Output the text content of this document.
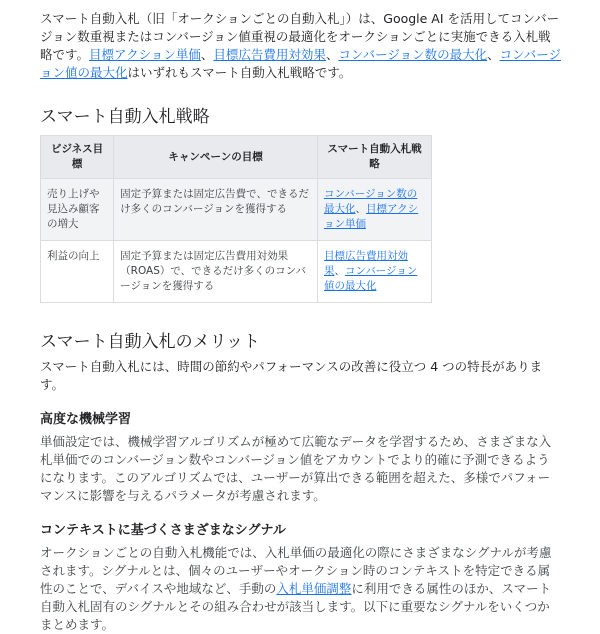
スマート自動入札（旧「オークションごとの自動入札」）は、Google AI を活用してコンバージョン数重視またはコンバージョン値重視の最適化をオークションごとに実施できる入札戦略です。目標アクション単価、目標広告費用対効果、コンバージョン数の最大化、コンバージョン値の最大化はいずれもスマート自動入札戦略です。

スマート自動入札戦略
ビジネス目標	キャンペーンの目標	スマート自動入札戦略
売り上げや見込み顧客の増大	固定予算または固定広告費で、できるだけ多くのコンバージョンを獲得する	コンバージョン数の最大化、目標アクション単価
利益の向上	固定予算または固定広告費用対効果（ROAS）で、できるだけ多くのコンバージョンを獲得する	目標広告費用対効果、コンバージョン値の最大化
スマート自動入札のメリット

スマート自動入札には、時間の節約やパフォーマンスの改善に役立つ 4 つの特長があります。

高度な機械学習

単価設定では、機械学習アルゴリズムが極めて広範なデータを学習するため、さまざまな入札単価でのコンバージョン数やコンバージョン値をアカウントでより的確に予測できるようになります。このアルゴリズムでは、ユーザーが算出できる範囲を超えた、多様でパフォーマンスに影響を与えるパラメータが考慮されます。

コンテキストに基づくさまざまなシグナル

オークションごとの自動入札機能では、入札単価の最適化の際にさまざまなシグナルが考慮されます。シグナルとは、個々のユーザーやオークション時のコンテキストを特定できる属性のことで、デバイスや地域など、手動の入札単価調整に利用できる属性のほか、スマート自動入札固有のシグナルとその組み合わせが該当します。以下に重要なシグナルをいくつかまとめます。
